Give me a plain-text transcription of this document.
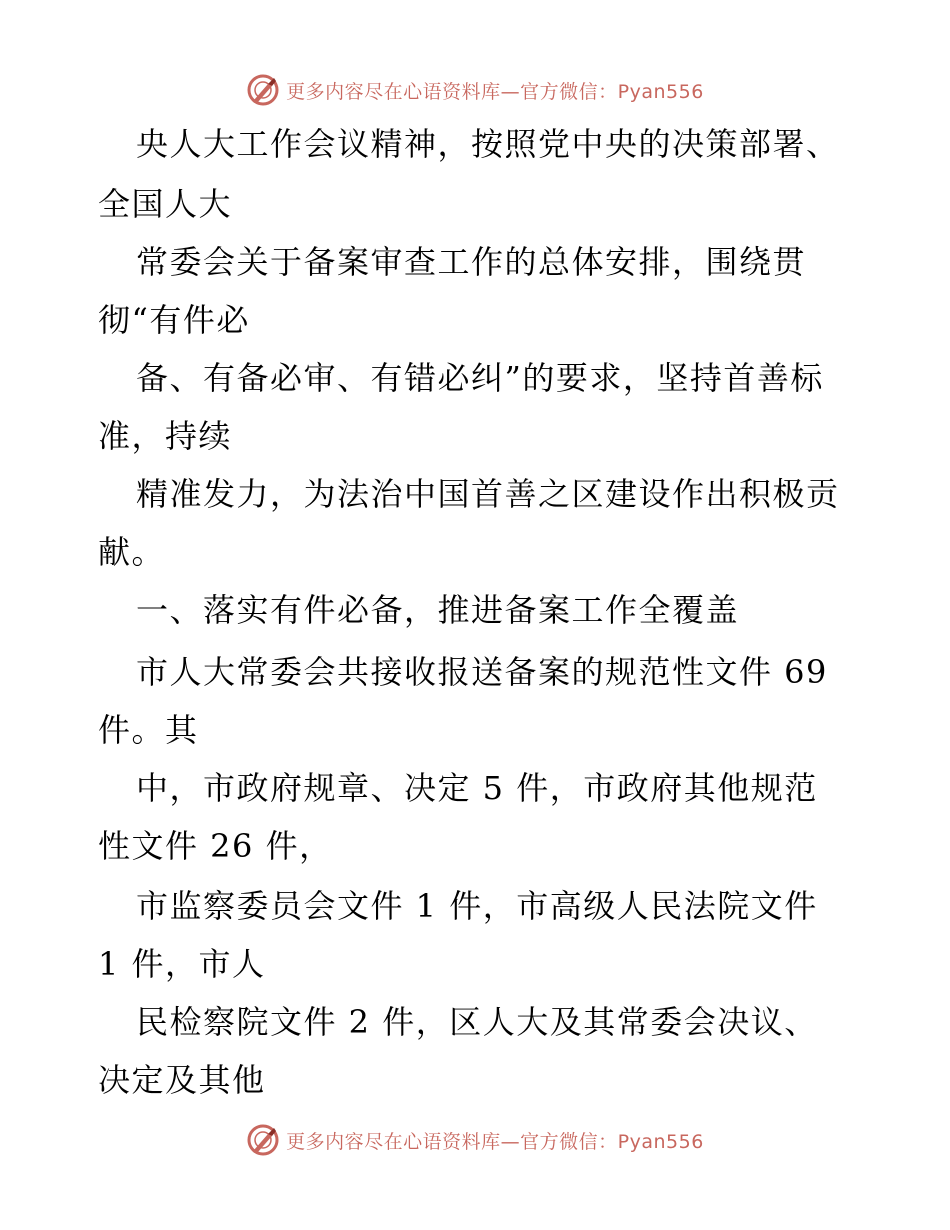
更多内容尽在心语资料库—官方微信：Pyan556
央人大工作会议精神，按照党中央的决策部署、
全国人大
常委会关于备案审查工作的总体安排，围绕贯
彻“有件必
备、有备必审、有错必纠”的要求，坚持首善标
准，持续
精准发力，为法治中国首善之区建设作出积极贡
献。
一、落实有件必备，推进备案工作全覆盖
市人大常委会共接收报送备案的规范性文件 69
件。其
中，市政府规章、决定 5 件，市政府其他规范
性文件 26 件，
市监察委员会文件 1 件，市高级人民法院文件
1 件，市人
民检察院文件 2 件，区人大及其常委会决议、
决定及其他
更多内容尽在心语资料库—官方微信：Pyan556
